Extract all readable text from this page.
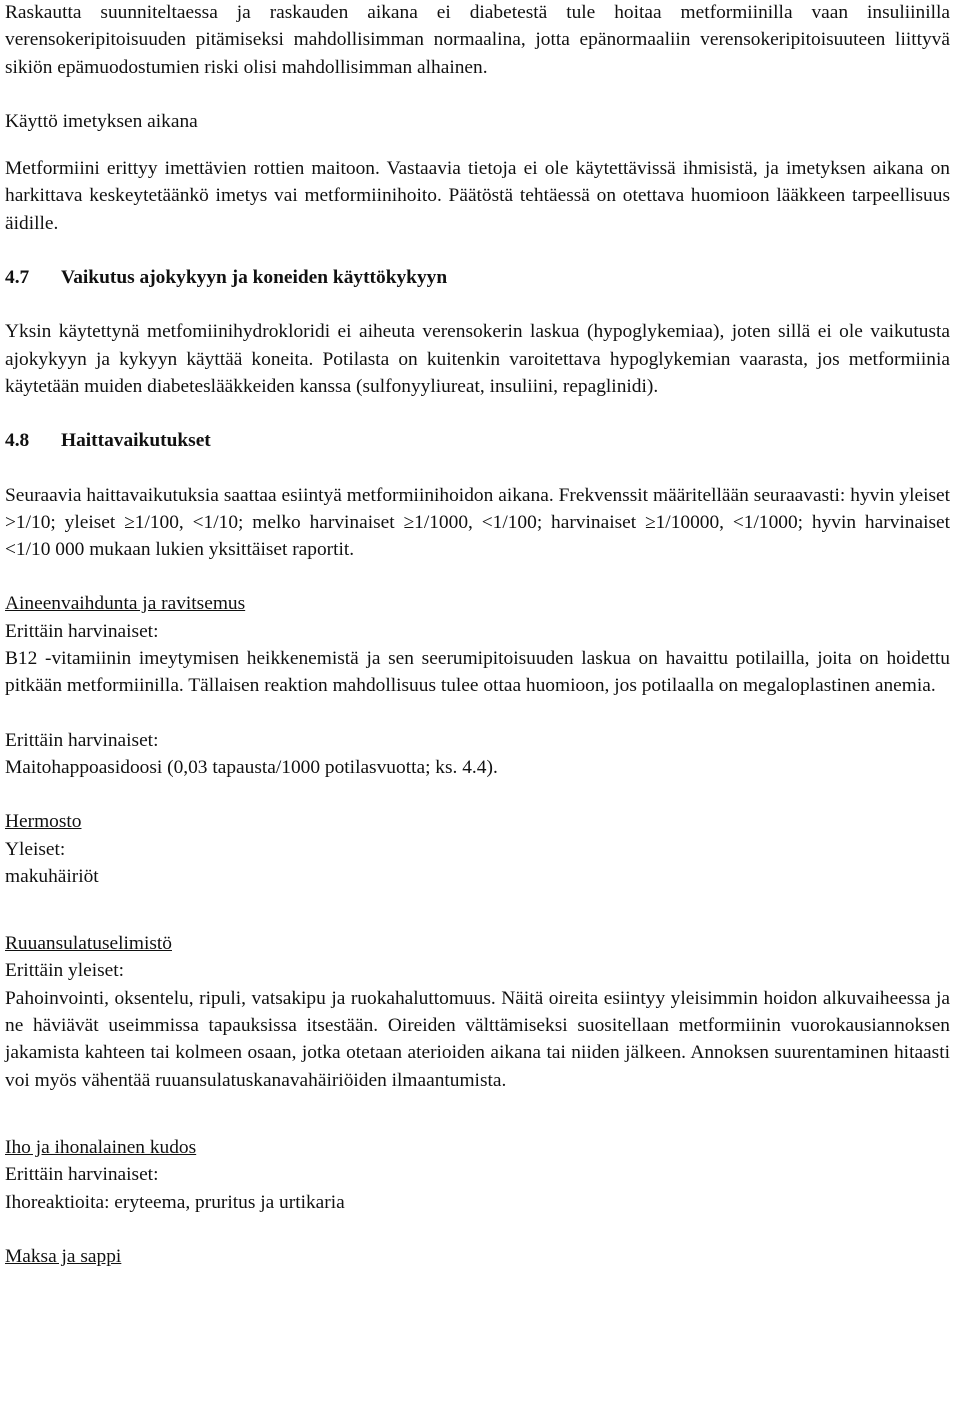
Raskautta suunniteltaessa ja raskauden aikana ei diabetestä tule hoitaa metformiinilla vaan insuliinilla verensokeripitoisuuden pitämiseksi mahdollisimman normaalina, jotta epänormaaliin verensokeripitoisuuteen liittyvä sikiön epämuodostumien riski olisi mahdollisimman alhainen.

Käyttö imetyksen aikana

Metformiini erittyy imettävien rottien maitoon. Vastaavia tietoja ei ole käytettävissä ihmisistä, ja imetyksen aikana on harkittava keskeytetäänkö imetys vai metformiinihoito. Päätöstä tehtäessä on otettava huomioon lääkkeen tarpeellisuus äidille.

4.7 Vaikutus ajokykyyn ja koneiden käyttökykyyn

Yksin käytettynä metfomiinihydrokloridi ei aiheuta verensokerin laskua (hypoglykemiaa), joten sillä ei ole vaikutusta ajokykyyn ja kykyyn käyttää koneita. Potilasta on kuitenkin varoitettava hypoglykemian vaarasta, jos metformiinia käytetään muiden diabeteslääkkeiden kanssa (sulfonyyliureat, insuliini, repaglinidi).

4.8 Haittavaikutukset

Seuraavia haittavaikutuksia saattaa esiintyä metformiinihoidon aikana. Frekvenssit määritellään seuraavasti: hyvin yleiset >1/10; yleiset ≥1/100, <1/10; melko harvinaiset ≥1/1000, <1/100; harvinaiset ≥1/10000, <1/1000; hyvin harvinaiset <1/10 000 mukaan lukien yksittäiset raportit.

Aineenvaihdunta ja ravitsemus

Erittäin harvinaiset:

B12 -vitamiinin imeytymisen heikkenemistä ja sen seerumipitoisuuden laskua on havaittu potilailla, joita on hoidettu pitkään metformiinilla. Tällaisen reaktion mahdollisuus tulee ottaa huomioon, jos potilaalla on megaloplastinen anemia.

Erittäin harvinaiset:

Maitohappoasidoosi (0,03 tapausta/1000 potilasvuotta; ks. 4.4).

Hermosto

Yleiset:

makuhäiriöt

Ruuansulatuselimistö

Erittäin yleiset:

Pahoinvointi, oksentelu, ripuli, vatsakipu ja ruokahaluttomuus. Näitä oireita esiintyy yleisimmin hoidon alkuvaiheessa ja ne häviävät useimmissa tapauksissa itsestään. Oireiden välttämiseksi suositellaan metformiinin vuorokausiannoksen jakamista kahteen tai kolmeen osaan, jotka otetaan aterioiden aikana tai niiden jälkeen. Annoksen suurentaminen hitaasti voi myös vähentää ruuansulatuskanavahäiriöiden ilmaantumista.

Iho ja ihonalainen kudos

Erittäin harvinaiset:

Ihoreaktioita: eryteema, pruritus ja urtikaria

Maksa ja sappi
